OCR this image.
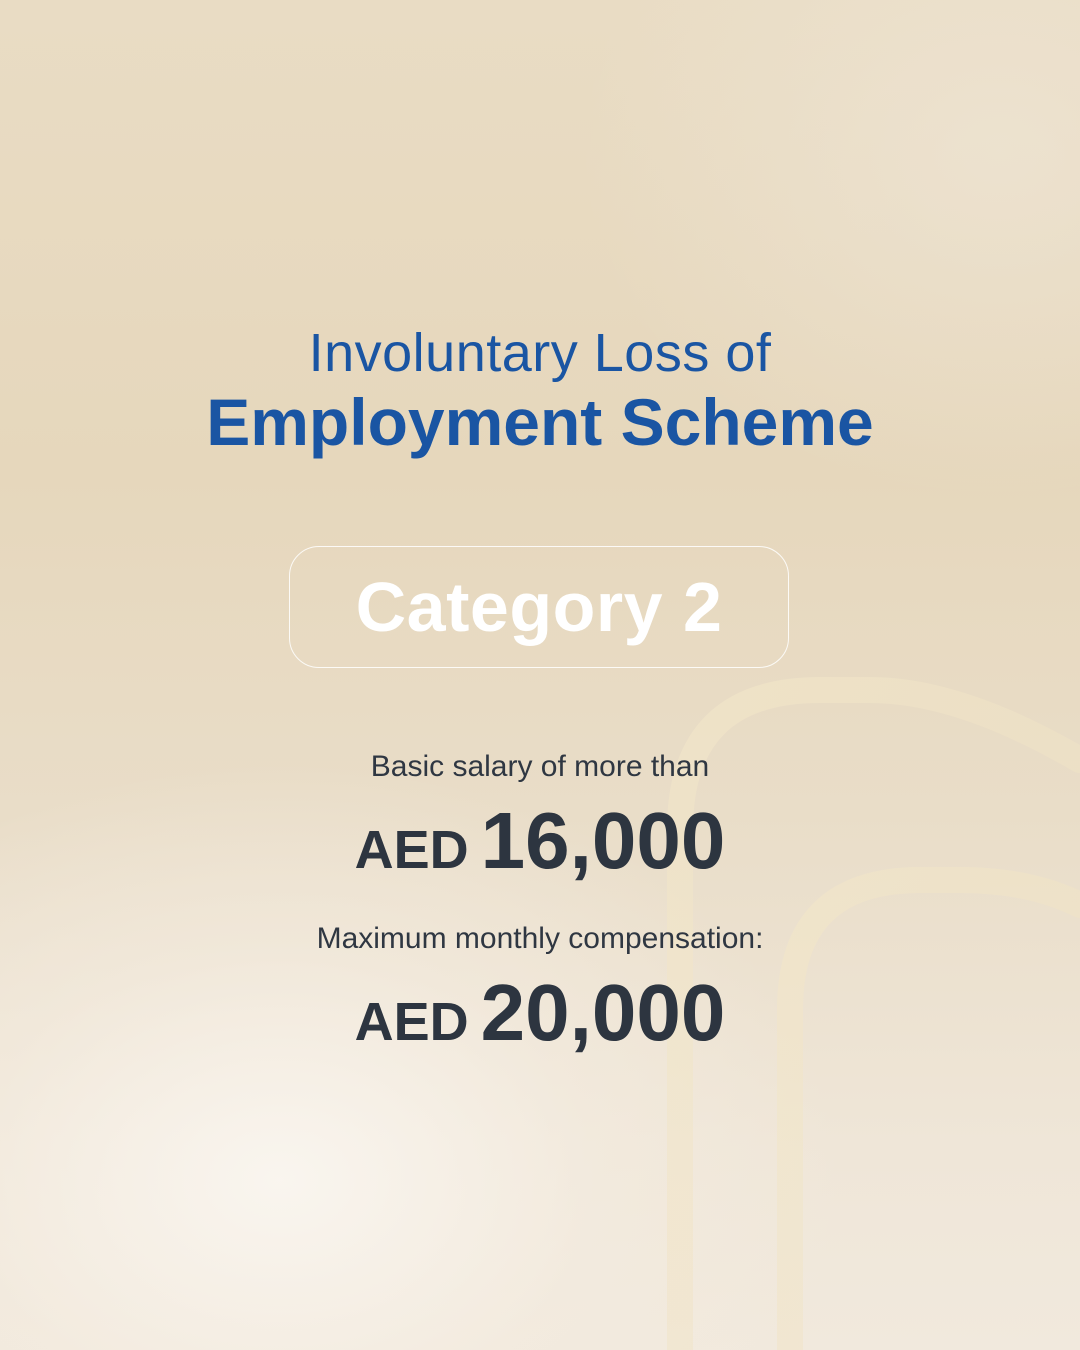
Involuntary Loss of
Employment Scheme
Category 2
Basic salary of more than
AED 16,000
Maximum monthly compensation:
AED 20,000
